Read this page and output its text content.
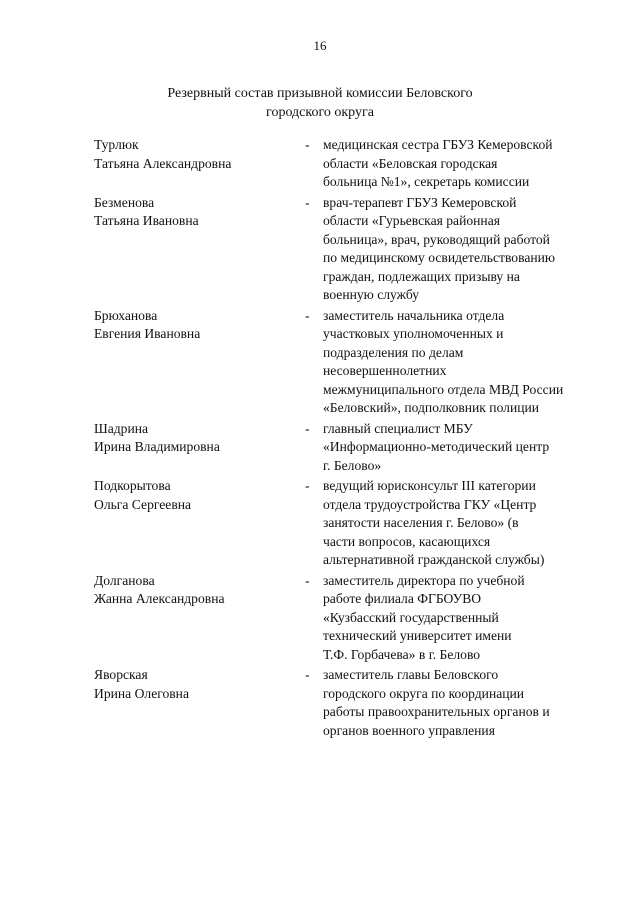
16
Резервный состав призывной комиссии Беловского
городского округа
Турлюк
Татьяна Александровна
- медицинская сестра ГБУЗ Кемеровской
области «Беловская городская
больница №1», секретарь комиссии
Безменова
Татьяна Ивановна
- врач-терапевт ГБУЗ Кемеровской
области «Гурьевская районная
больница», врач, руководящий работой
по медицинскому освидетельствованию
граждан, подлежащих призыву на
военную службу
Брюханова
Евгения Ивановна
- заместитель начальника отдела
участковых уполномоченных и
подразделения по делам
несовершеннолетних
межмуниципального отдела МВД России
«Беловский», подполковник полиции
Шадрина
Ирина Владимировна
- главный специалист МБУ
«Информационно-методический центр
г. Белово»
Подкорытова
Ольга Сергеевна
- ведущий юрисконсульт III категории
отдела трудоустройства ГКУ «Центр
занятости населения г. Белово» (в
части вопросов, касающихся
альтернативной гражданской службы)
Долганова
Жанна Александровна
- заместитель директора по учебной
работе филиала ФГБОУВО
«Кузбасский государственный
технический университет имени
Т.Ф. Горбачева» в г. Белово
Яворская
Ирина Олеговна
- заместитель главы Беловского
городского округа по координации
работы правоохранительных органов и
органов военного управления
